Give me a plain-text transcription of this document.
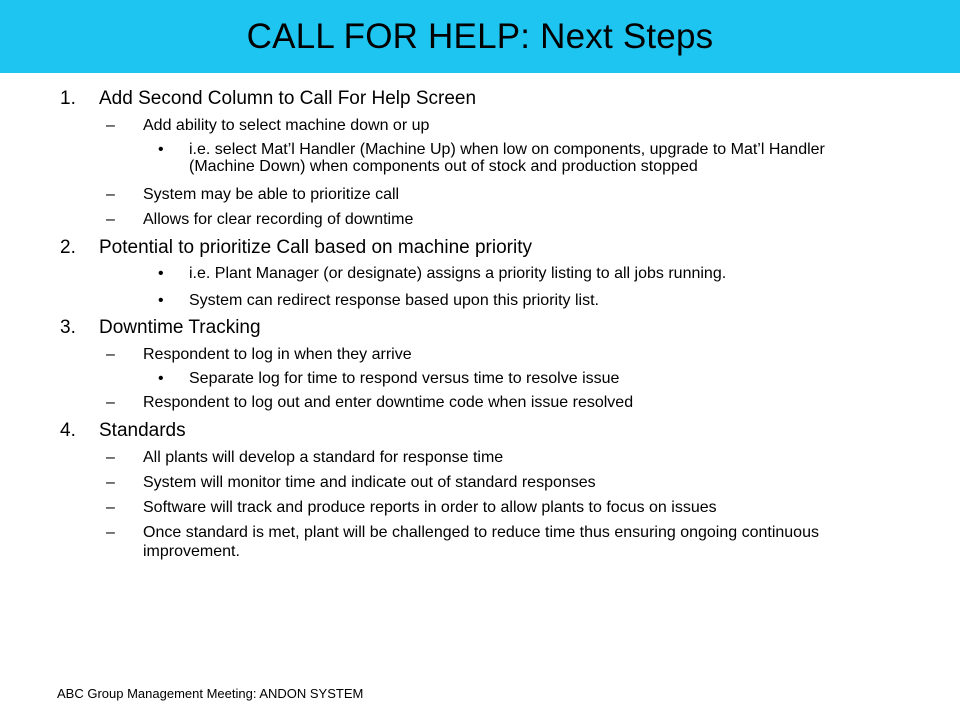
CALL FOR HELP: Next Steps
1. Add Second Column to Call For Help Screen
– Add ability to select machine down or up
• i.e. select Mat’l Handler (Machine Up) when low on components, upgrade to Mat’l Handler (Machine Down) when components out of stock and production stopped
– System may be able to prioritize call
– Allows for clear recording of downtime
2. Potential to prioritize Call based on machine priority
• i.e. Plant Manager (or designate) assigns a priority listing to all jobs running.
• System can redirect response based upon this priority list.
3. Downtime Tracking
– Respondent to log in when they arrive
• Separate log for time to respond versus time to resolve issue
– Respondent to log out and enter downtime code when issue resolved
4. Standards
– All plants will develop a standard for response time
– System will monitor time and indicate out of standard responses
– Software will track and produce reports in order to allow plants to focus on issues
– Once standard is met, plant will be challenged to reduce time thus ensuring ongoing continuous improvement.
ABC Group Management Meeting: ANDON SYSTEM
